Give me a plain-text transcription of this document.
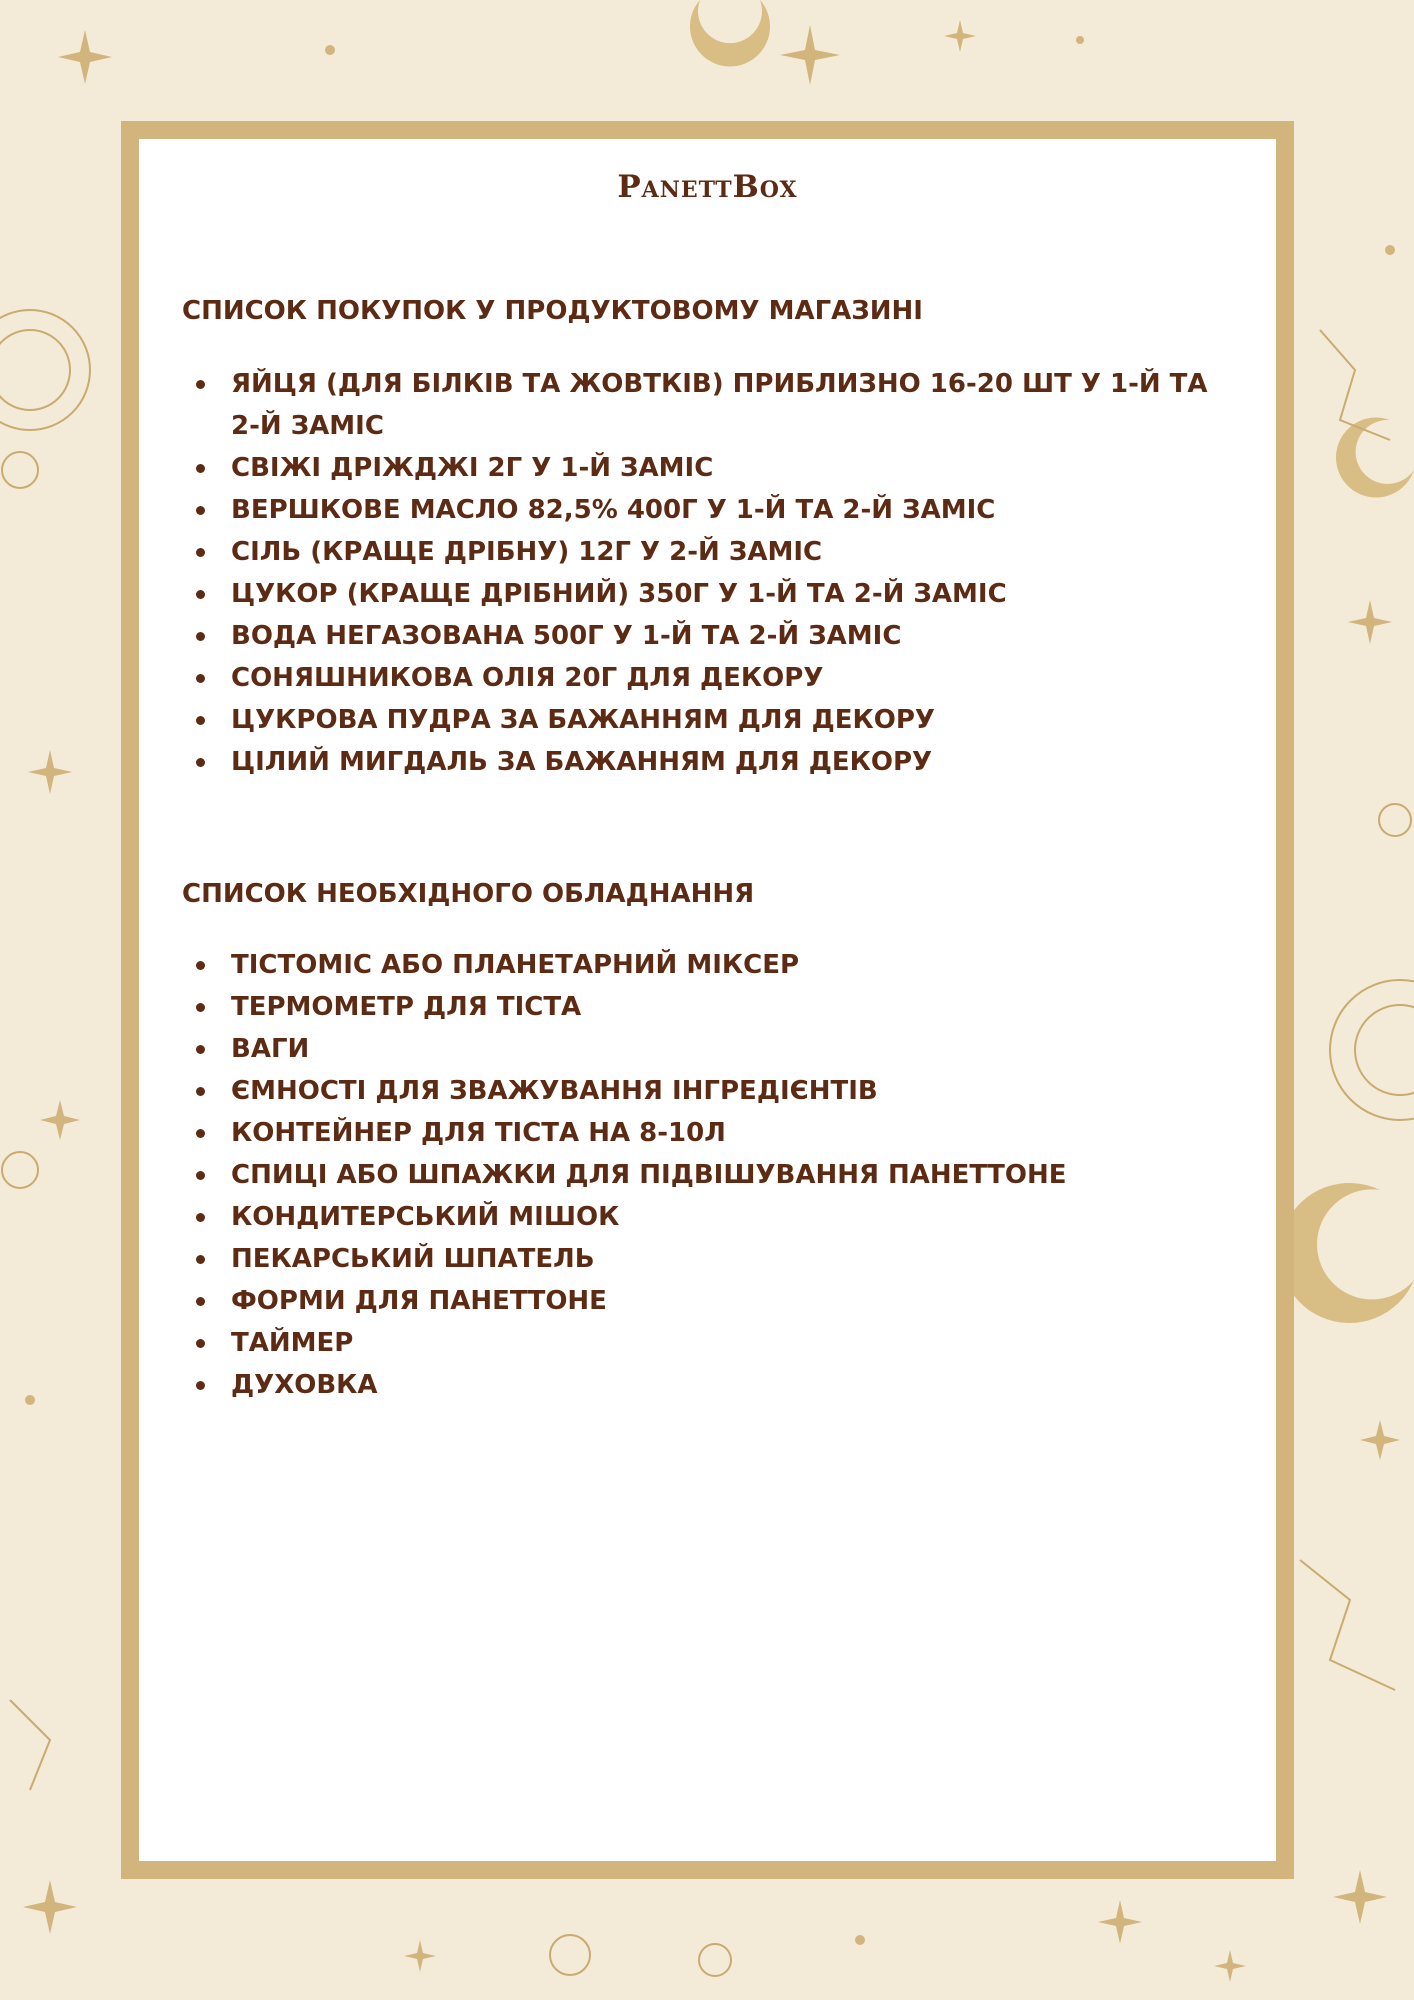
PanettBox
СПИСОК ПОКУПОК У ПРОДУКТОВОМУ МАГАЗИНІ
ЯЙЦЯ (ДЛЯ БІЛКІВ ТА ЖОВТКІВ) ПРИБЛИЗНО 16-20 ШТ У 1-Й ТА 2-Й ЗАМІС
СВІЖІ ДРІЖДЖІ 2Г У 1-Й ЗАМІС
ВЕРШКОВЕ МАСЛО 82,5% 400Г У 1-Й ТА 2-Й ЗАМІС
СІЛЬ (КРАЩЕ ДРІБНУ) 12Г У 2-Й ЗАМІС
ЦУКОР (КРАЩЕ ДРІБНИЙ) 350Г У 1-Й ТА 2-Й ЗАМІС
ВОДА НЕГАЗОВАНА 500Г У 1-Й ТА 2-Й ЗАМІС
СОНЯШНИКОВА ОЛІЯ 20Г ДЛЯ ДЕКОРУ
ЦУКРОВА ПУДРА ЗА БАЖАННЯМ ДЛЯ ДЕКОРУ
ЦІЛИЙ МИГДАЛЬ ЗА БАЖАННЯМ ДЛЯ ДЕКОРУ
СПИСОК НЕОБХІДНОГО ОБЛАДНАННЯ
ТІСТОМІС АБО ПЛАНЕТАРНИЙ МІКСЕР
ТЕРМОМЕТР ДЛЯ ТІСТА
ВАГИ
ЄМНОСТІ ДЛЯ ЗВАЖУВАННЯ ІНГРЕДІЄНТІВ
КОНТЕЙНЕР ДЛЯ ТІСТА НА 8-10Л
СПИЦІ АБО ШПАЖКИ ДЛЯ ПІДВІШУВАННЯ ПАНЕТТОНЕ
КОНДИТЕРСЬКИЙ МІШОК
ПЕКАРСЬКИЙ ШПАТЕЛЬ
ФОРМИ ДЛЯ ПАНЕТТОНЕ
ТАЙМЕР
ДУХОВКА
